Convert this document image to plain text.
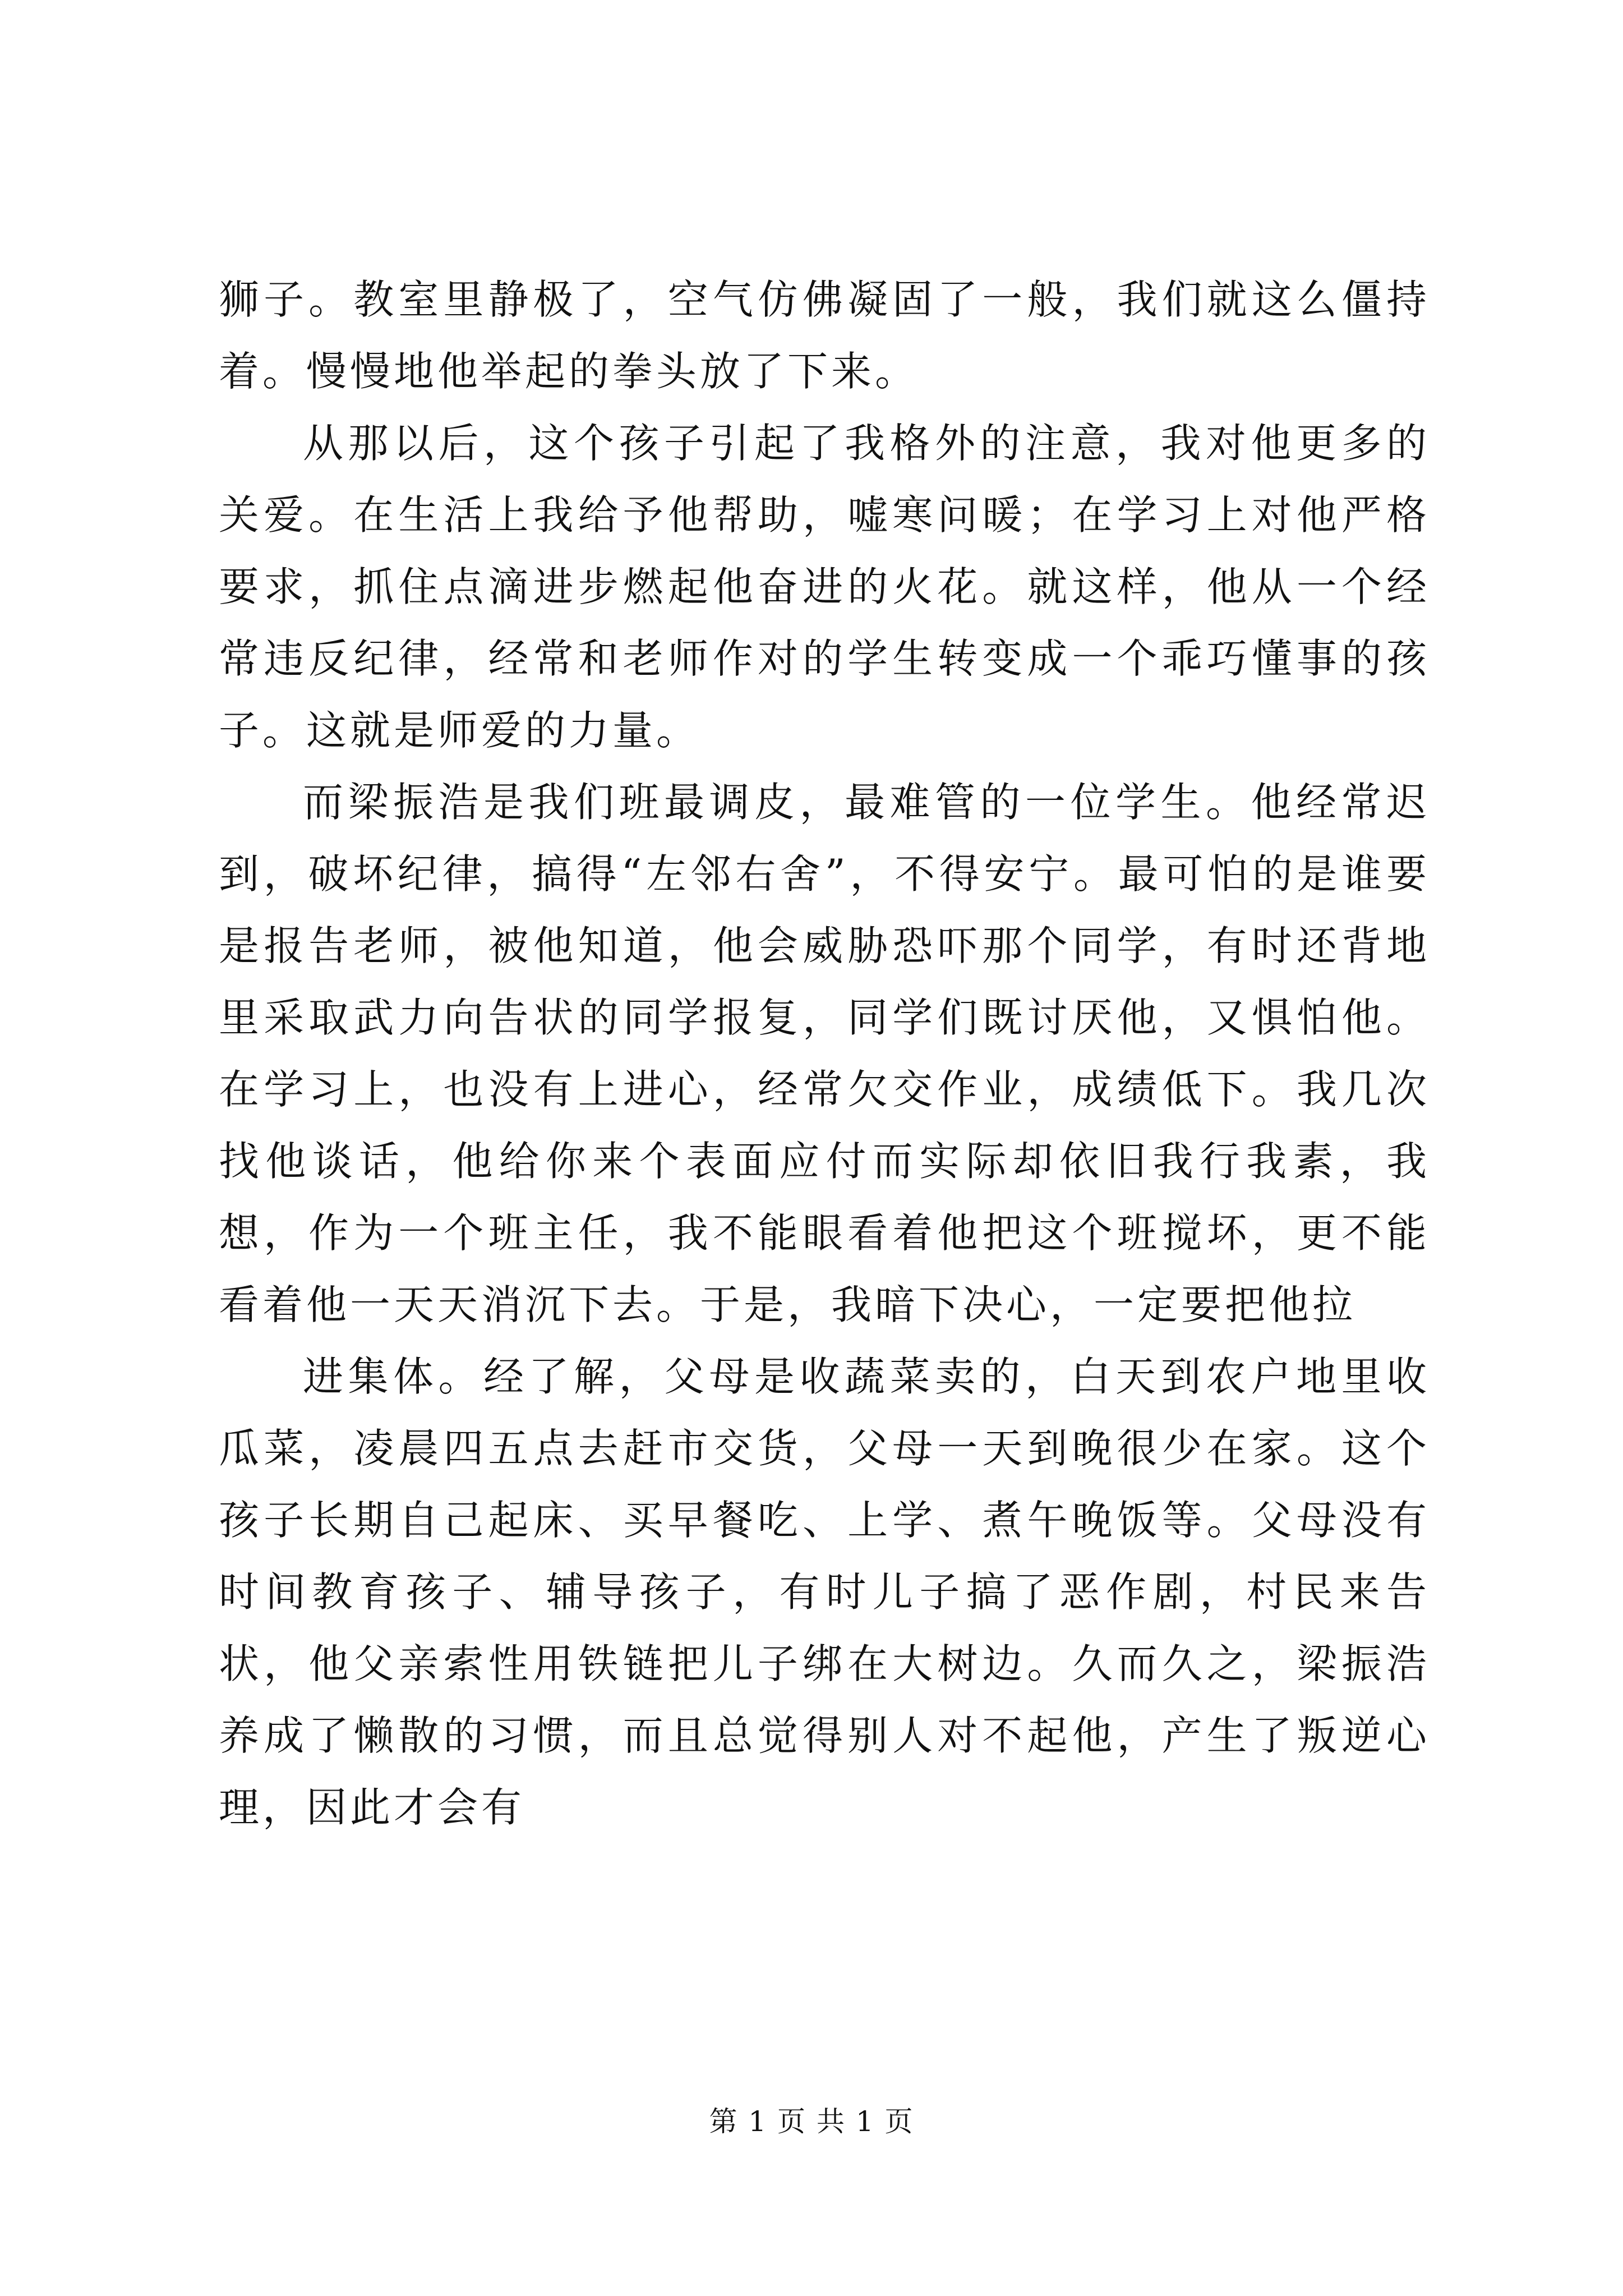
狮子。教室里静极了，空气仿佛凝固了一般，我们就这么僵持着。慢慢地他举起的拳头放了下来。

从那以后，这个孩子引起了我格外的注意，我对他更多的关爱。在生活上我给予他帮助，嘘寒问暖；在学习上对他严格要求，抓住点滴进步燃起他奋进的火花。就这样，他从一个经常违反纪律，经常和老师作对的学生转变成一个乖巧懂事的孩子。这就是师爱的力量。

而梁振浩是我们班最调皮，最难管的一位学生。他经常迟到，破坏纪律，搞得“左邻右舍”，不得安宁。最可怕的是谁要是报告老师，被他知道，他会威胁恐吓那个同学，有时还背地里采取武力向告状的同学报复，同学们既讨厌他，又惧怕他。在学习上，也没有上进心，经常欠交作业，成绩低下。我几次找他谈话，他给你来个表面应付而实际却依旧我行我素，我想，作为一个班主任，我不能眼看着他把这个班搅坏，更不能看着他一天天消沉下去。于是，我暗下决心，一定要把他拉

进集体。经了解，父母是收蔬菜卖的，白天到农户地里收瓜菜，凌晨四五点去赶市交货，父母一天到晚很少在家。这个孩子长期自己起床、买早餐吃、上学、煮午晚饭等。父母没有时间教育孩子、辅导孩子，有时儿子搞了恶作剧，村民来告状，他父亲索性用铁链把儿子绑在大树边。久而久之，梁振浩养成了懒散的习惯，而且总觉得别人对不起他，产生了叛逆心理，因此才会有

第 1 页 共 1 页
